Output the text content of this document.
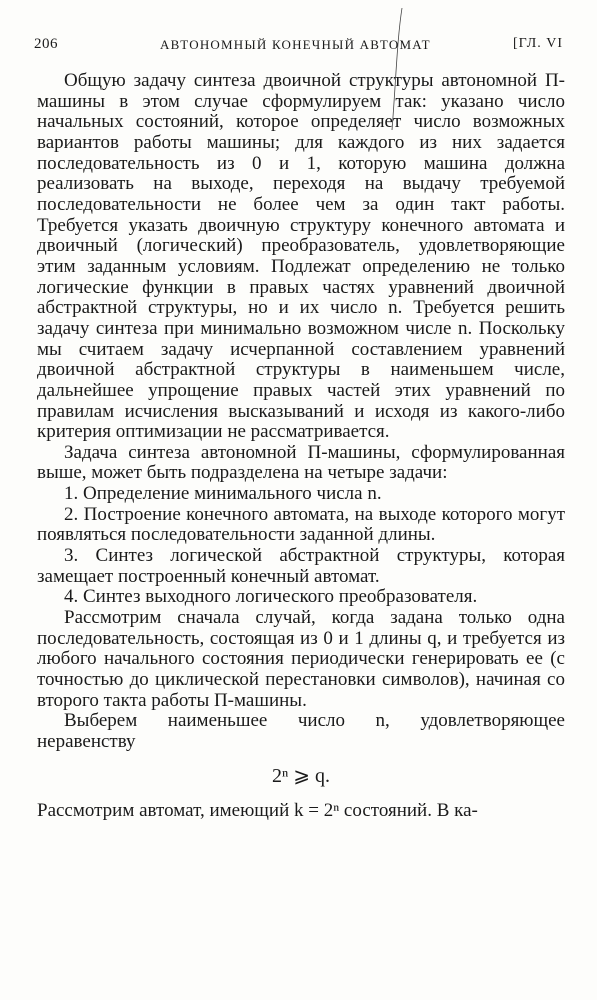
206	АВТОНОМНЫЙ КОНЕЧНЫЙ АВТОМАТ	[ГЛ. VI

Общую задачу синтеза двоичной структуры автономной П-машины в этом случае сформулируем так: указано число начальных состояний, которое определяет число возможных вариантов работы машины; для каждого из них задается последовательность из 0 и 1, которую машина должна реализовать на выходе, переходя на выдачу требуемой последовательности не более чем за один такт работы. Требуется указать двоичную структуру конечного автомата и двоичный (логический) преобразователь, удовлетворяющие этим заданным условиям. Подлежат определению не только логические функции в правых частях уравнений двоичной абстрактной структуры, но и их число n. Требуется решить задачу синтеза при минимально возможном числе n. Поскольку мы считаем задачу исчерпанной составлением уравнений двоичной абстрактной структуры в наименьшем числе, дальнейшее упрощение правых частей этих уравнений по правилам исчисления высказываний и исходя из какого-либо критерия оптимизации не рассматривается.

Задача синтеза автономной П-машины, сформулированная выше, может быть подразделена на четыре задачи:

1. Определение минимального числа n.

2. Построение конечного автомата, на выходе которого могут появляться последовательности заданной длины.

3. Синтез логической абстрактной структуры, которая замещает построенный конечный автомат.

4. Синтез выходного логического преобразователя.

Рассмотрим сначала случай, когда задана только одна последовательность, состоящая из 0 и 1 длины q, и требуется из любого начального состояния периодически генерировать ее (с точностью до циклической перестановки символов), начиная со второго такта работы П-машины.

Выберем наименьшее число n, удовлетворяющее неравенству

2ⁿ ⩾ q.

Рассмотрим автомат, имеющий k = 2ⁿ состояний. В ка-
